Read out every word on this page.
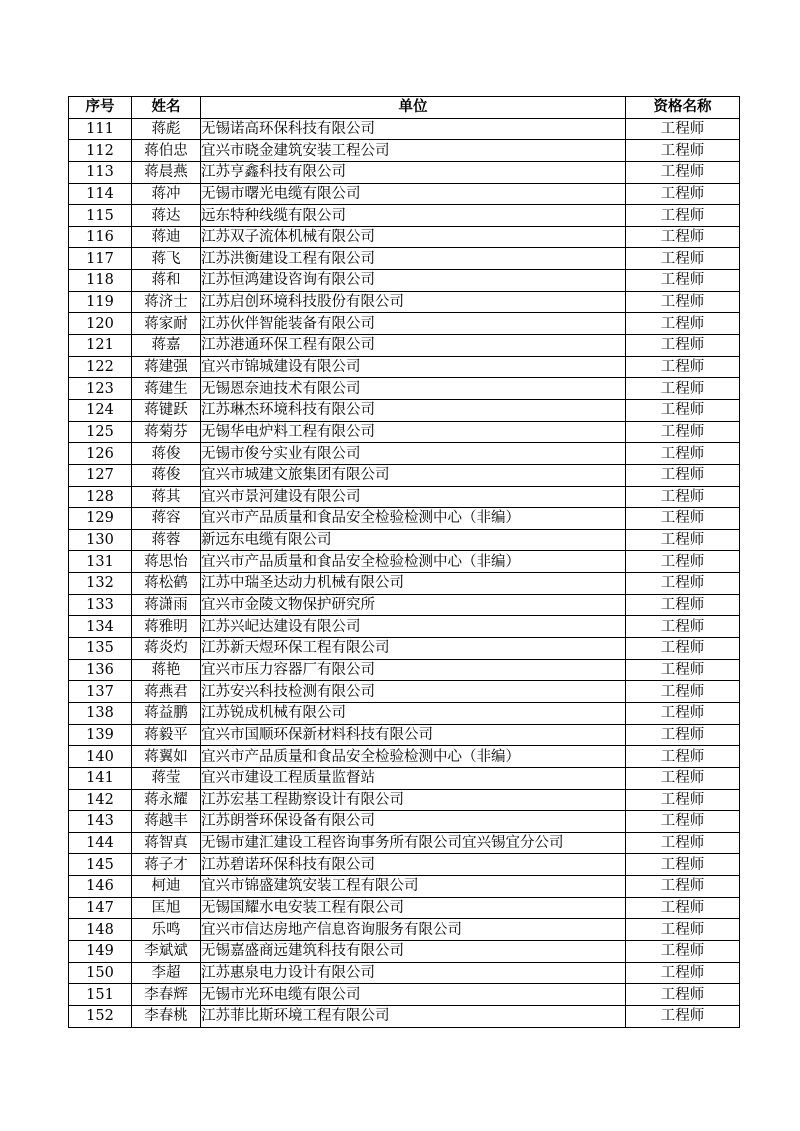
序号	姓名	单位	资格名称
111	蒋彪	无锡诺高环保科技有限公司	工程师
112	蒋伯忠	宜兴市晓金建筑安装工程公司	工程师
113	蒋晨燕	江苏亨鑫科技有限公司	工程师
114	蒋冲	无锡市曙光电缆有限公司	工程师
115	蒋达	远东特种线缆有限公司	工程师
116	蒋迪	江苏双子流体机械有限公司	工程师
117	蒋飞	江苏洪衡建设工程有限公司	工程师
118	蒋和	江苏恒鸿建设咨询有限公司	工程师
119	蒋济士	江苏启创环境科技股份有限公司	工程师
120	蒋家耐	江苏伙伴智能装备有限公司	工程师
121	蒋嘉	江苏港通环保工程有限公司	工程师
122	蒋建强	宜兴市锦城建设有限公司	工程师
123	蒋建生	无锡恩奈迪技术有限公司	工程师
124	蒋键跃	江苏琳杰环境科技有限公司	工程师
125	蒋菊芬	无锡华电炉料工程有限公司	工程师
126	蒋俊	无锡市俊兮实业有限公司	工程师
127	蒋俊	宜兴市城建文旅集团有限公司	工程师
128	蒋其	宜兴市景河建设有限公司	工程师
129	蒋容	宜兴市产品质量和食品安全检验检测中心（非编）	工程师
130	蒋蓉	新远东电缆有限公司	工程师
131	蒋思怡	宜兴市产品质量和食品安全检验检测中心（非编）	工程师
132	蒋松鹤	江苏中瑞圣达动力机械有限公司	工程师
133	蒋潇雨	宜兴市金陵文物保护研究所	工程师
134	蒋雅明	江苏兴屺达建设有限公司	工程师
135	蒋炎灼	江苏新天煜环保工程有限公司	工程师
136	蒋艳	宜兴市压力容器厂有限公司	工程师
137	蒋燕君	江苏安兴科技检测有限公司	工程师
138	蒋益鹏	江苏锐成机械有限公司	工程师
139	蒋毅平	宜兴市国顺环保新材料科技有限公司	工程师
140	蒋翼如	宜兴市产品质量和食品安全检验检测中心（非编）	工程师
141	蒋莹	宜兴市建设工程质量监督站	工程师
142	蒋永耀	江苏宏基工程勘察设计有限公司	工程师
143	蒋越丰	江苏朗誉环保设备有限公司	工程师
144	蒋智真	无锡市建汇建设工程咨询事务所有限公司宜兴锡宜分公司	工程师
145	蒋子才	江苏碧诺环保科技有限公司	工程师
146	柯迪	宜兴市锦盛建筑安装工程有限公司	工程师
147	匡旭	无锡国耀水电安装工程有限公司	工程师
148	乐鸣	宜兴市信达房地产信息咨询服务有限公司	工程师
149	李斌斌	无锡嘉盛商远建筑科技有限公司	工程师
150	李超	江苏惠泉电力设计有限公司	工程师
151	李春辉	无锡市光环电缆有限公司	工程师
152	李春桃	江苏菲比斯环境工程有限公司	工程师
